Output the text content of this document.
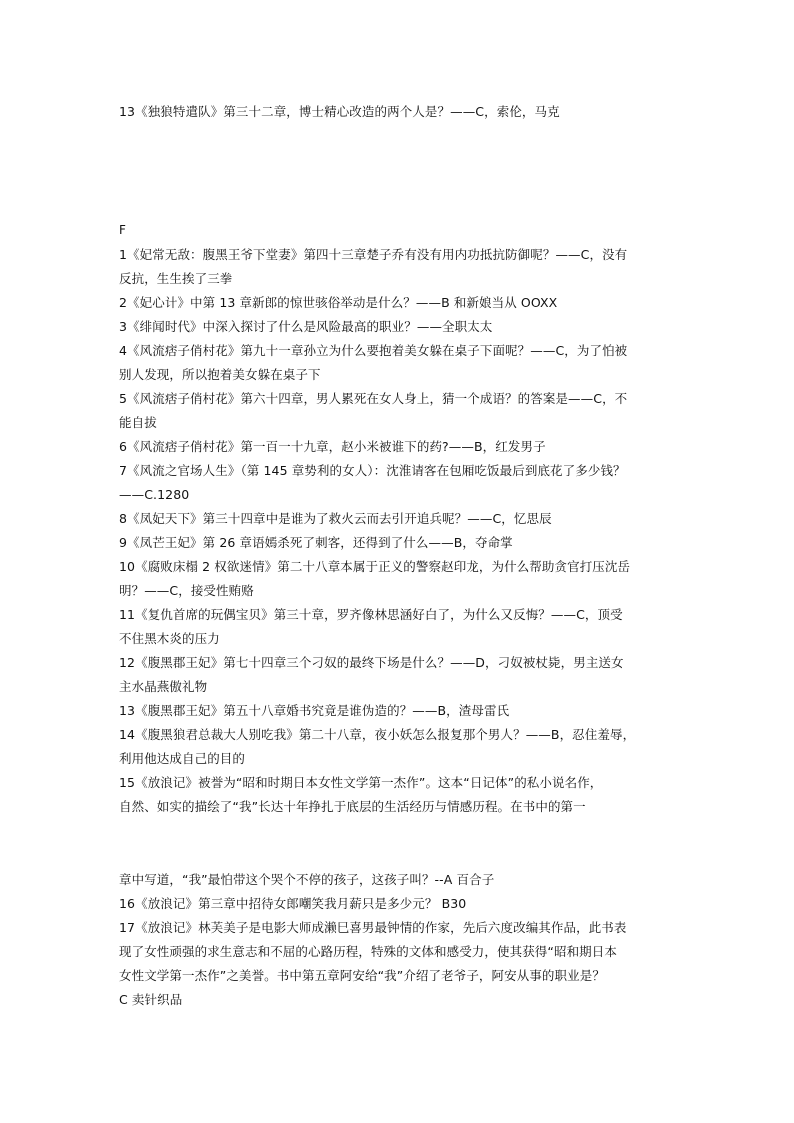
13《独狼特遣队》第三十二章，博士精心改造的两个人是？——C，索伦，马克
F
1《妃常无敌：腹黑王爷下堂妻》第四十三章楚子乔有没有用内功抵抗防御呢？——C，没有
反抗，生生挨了三拳
2《妃心计》中第 13 章新郎的惊世骇俗举动是什么？——B 和新娘当从 OOXX
3《绯闻时代》中深入探讨了什么是风险最高的职业？——全职太太
4《风流痞子俏村花》第九十一章孙立为什么要抱着美女躲在桌子下面呢？——C，为了怕被
别人发现，所以抱着美女躲在桌子下
5《风流痞子俏村花》第六十四章，男人累死在女人身上，猜一个成语？的答案是——C，不
能自拔
6《风流痞子俏村花》第一百一十九章，赵小米被谁下的药?——B，红发男子
7《风流之官场人生》（第 145 章势利的女人）：沈淮请客在包厢吃饭最后到底花了多少钱？
——C.1280
8《凤妃天下》第三十四章中是谁为了救火云而去引开追兵呢？——C，忆思辰
9《凤芒王妃》第 26 章语嫣杀死了刺客，还得到了什么——B，夺命掌
10《腐败床榻 2 权欲迷情》第二十八章本属于正义的警察赵印龙，为什么帮助贪官打压沈岳
明？——C，接受性贿赂
11《复仇首席的玩偶宝贝》第三十章，罗齐像林思涵好白了，为什么又反悔？——C，顶受
不住黑木炎的压力
12《腹黑郡王妃》第七十四章三个刁奴的最终下场是什么？——D，刁奴被杖毙，男主送女
主水晶燕傲礼物
13《腹黑郡王妃》第五十八章婚书究竟是谁伪造的？——B，渣母雷氏
14《腹黑狼君总裁大人别吃我》第二十八章，夜小妖怎么报复那个男人？——B，忍住羞辱，
利用他达成自己的目的
15《放浪记》被誉为“昭和时期日本女性文学第一杰作”。这本“日记体”的私小说名作，
自然、如实的描绘了“我”长达十年挣扎于底层的生活经历与情感历程。在书中的第一
章中写道，“我”最怕带这个哭个不停的孩子，这孩子叫？--A 百合子
16《放浪记》第三章中招待女郎嘲笑我月薪只是多少元？ B30
17《放浪记》林芙美子是电影大师成濑巳喜男最钟情的作家，先后六度改编其作品，此书表
现了女性顽强的求生意志和不屈的心路历程，特殊的文体和感受力，使其获得“昭和期日本
女性文学第一杰作”之美誉。书中第五章阿安给“我”介绍了老爷子，阿安从事的职业是？
C 卖针织品
